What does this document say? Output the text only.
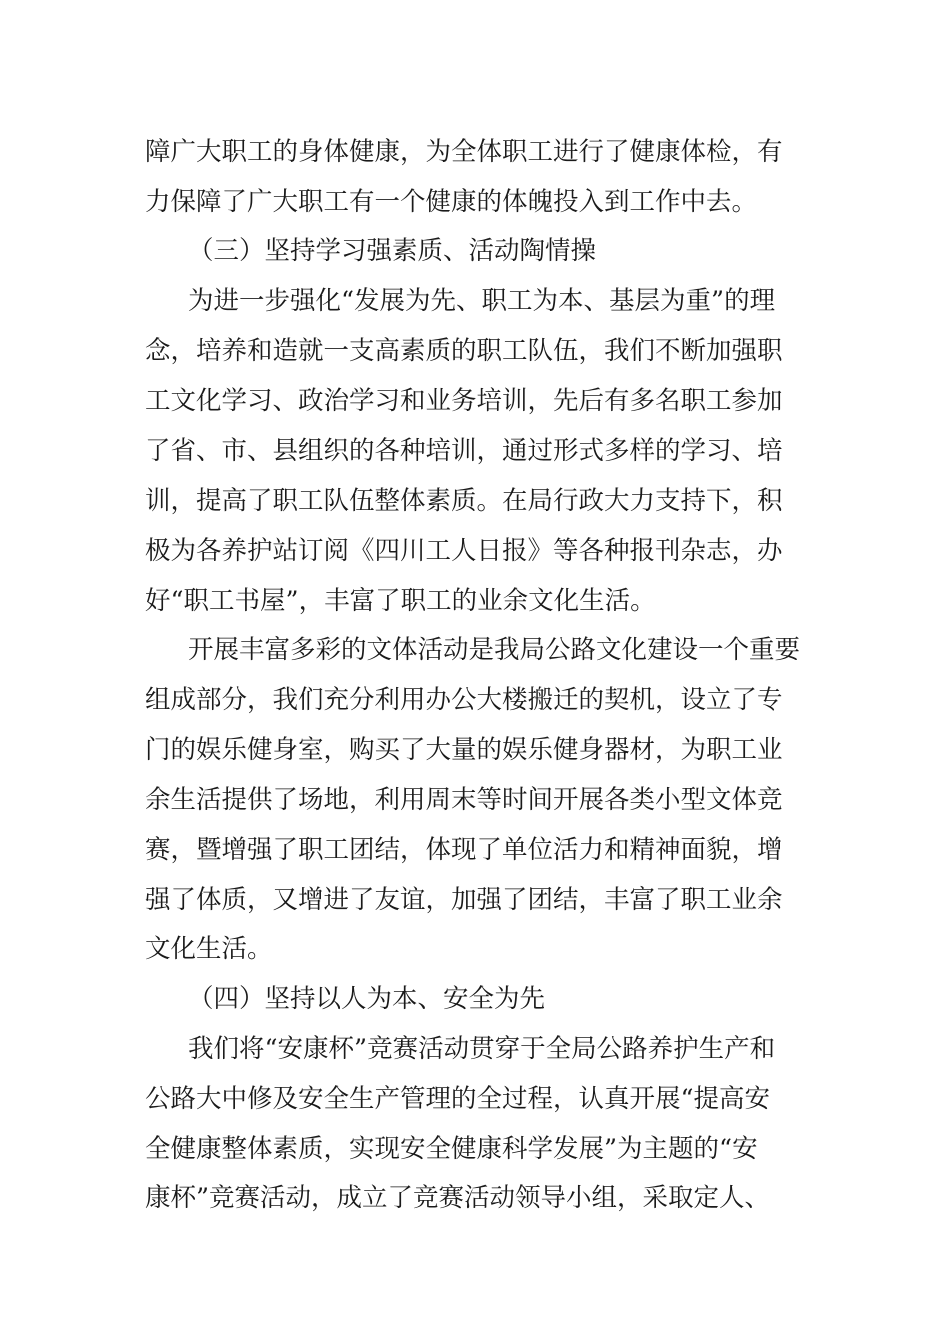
障广大职工的身体健康，为全体职工进行了健康体检，有
力保障了广大职工有一个健康的体魄投入到工作中去。
（三）坚持学习强素质、活动陶情操
为进一步强化“发展为先、职工为本、基层为重”的理
念，培养和造就一支高素质的职工队伍，我们不断加强职
工文化学习、政治学习和业务培训，先后有多名职工参加
了省、市、县组织的各种培训，通过形式多样的学习、培
训，提高了职工队伍整体素质。在局行政大力支持下，积
极为各养护站订阅《四川工人日报》等各种报刊杂志，办
好“职工书屋”，丰富了职工的业余文化生活。
开展丰富多彩的文体活动是我局公路文化建设一个重要
组成部分，我们充分利用办公大楼搬迁的契机，设立了专
门的娱乐健身室，购买了大量的娱乐健身器材，为职工业
余生活提供了场地，利用周末等时间开展各类小型文体竞
赛，暨增强了职工团结，体现了单位活力和精神面貌，增
强了体质，又增进了友谊，加强了团结，丰富了职工业余
文化生活。
（四）坚持以人为本、安全为先
我们将“安康杯”竞赛活动贯穿于全局公路养护生产和
公路大中修及安全生产管理的全过程，认真开展“提高安
全健康整体素质，实现安全健康科学发展”为主题的“安
康杯”竞赛活动，成立了竞赛活动领导小组，采取定人、
